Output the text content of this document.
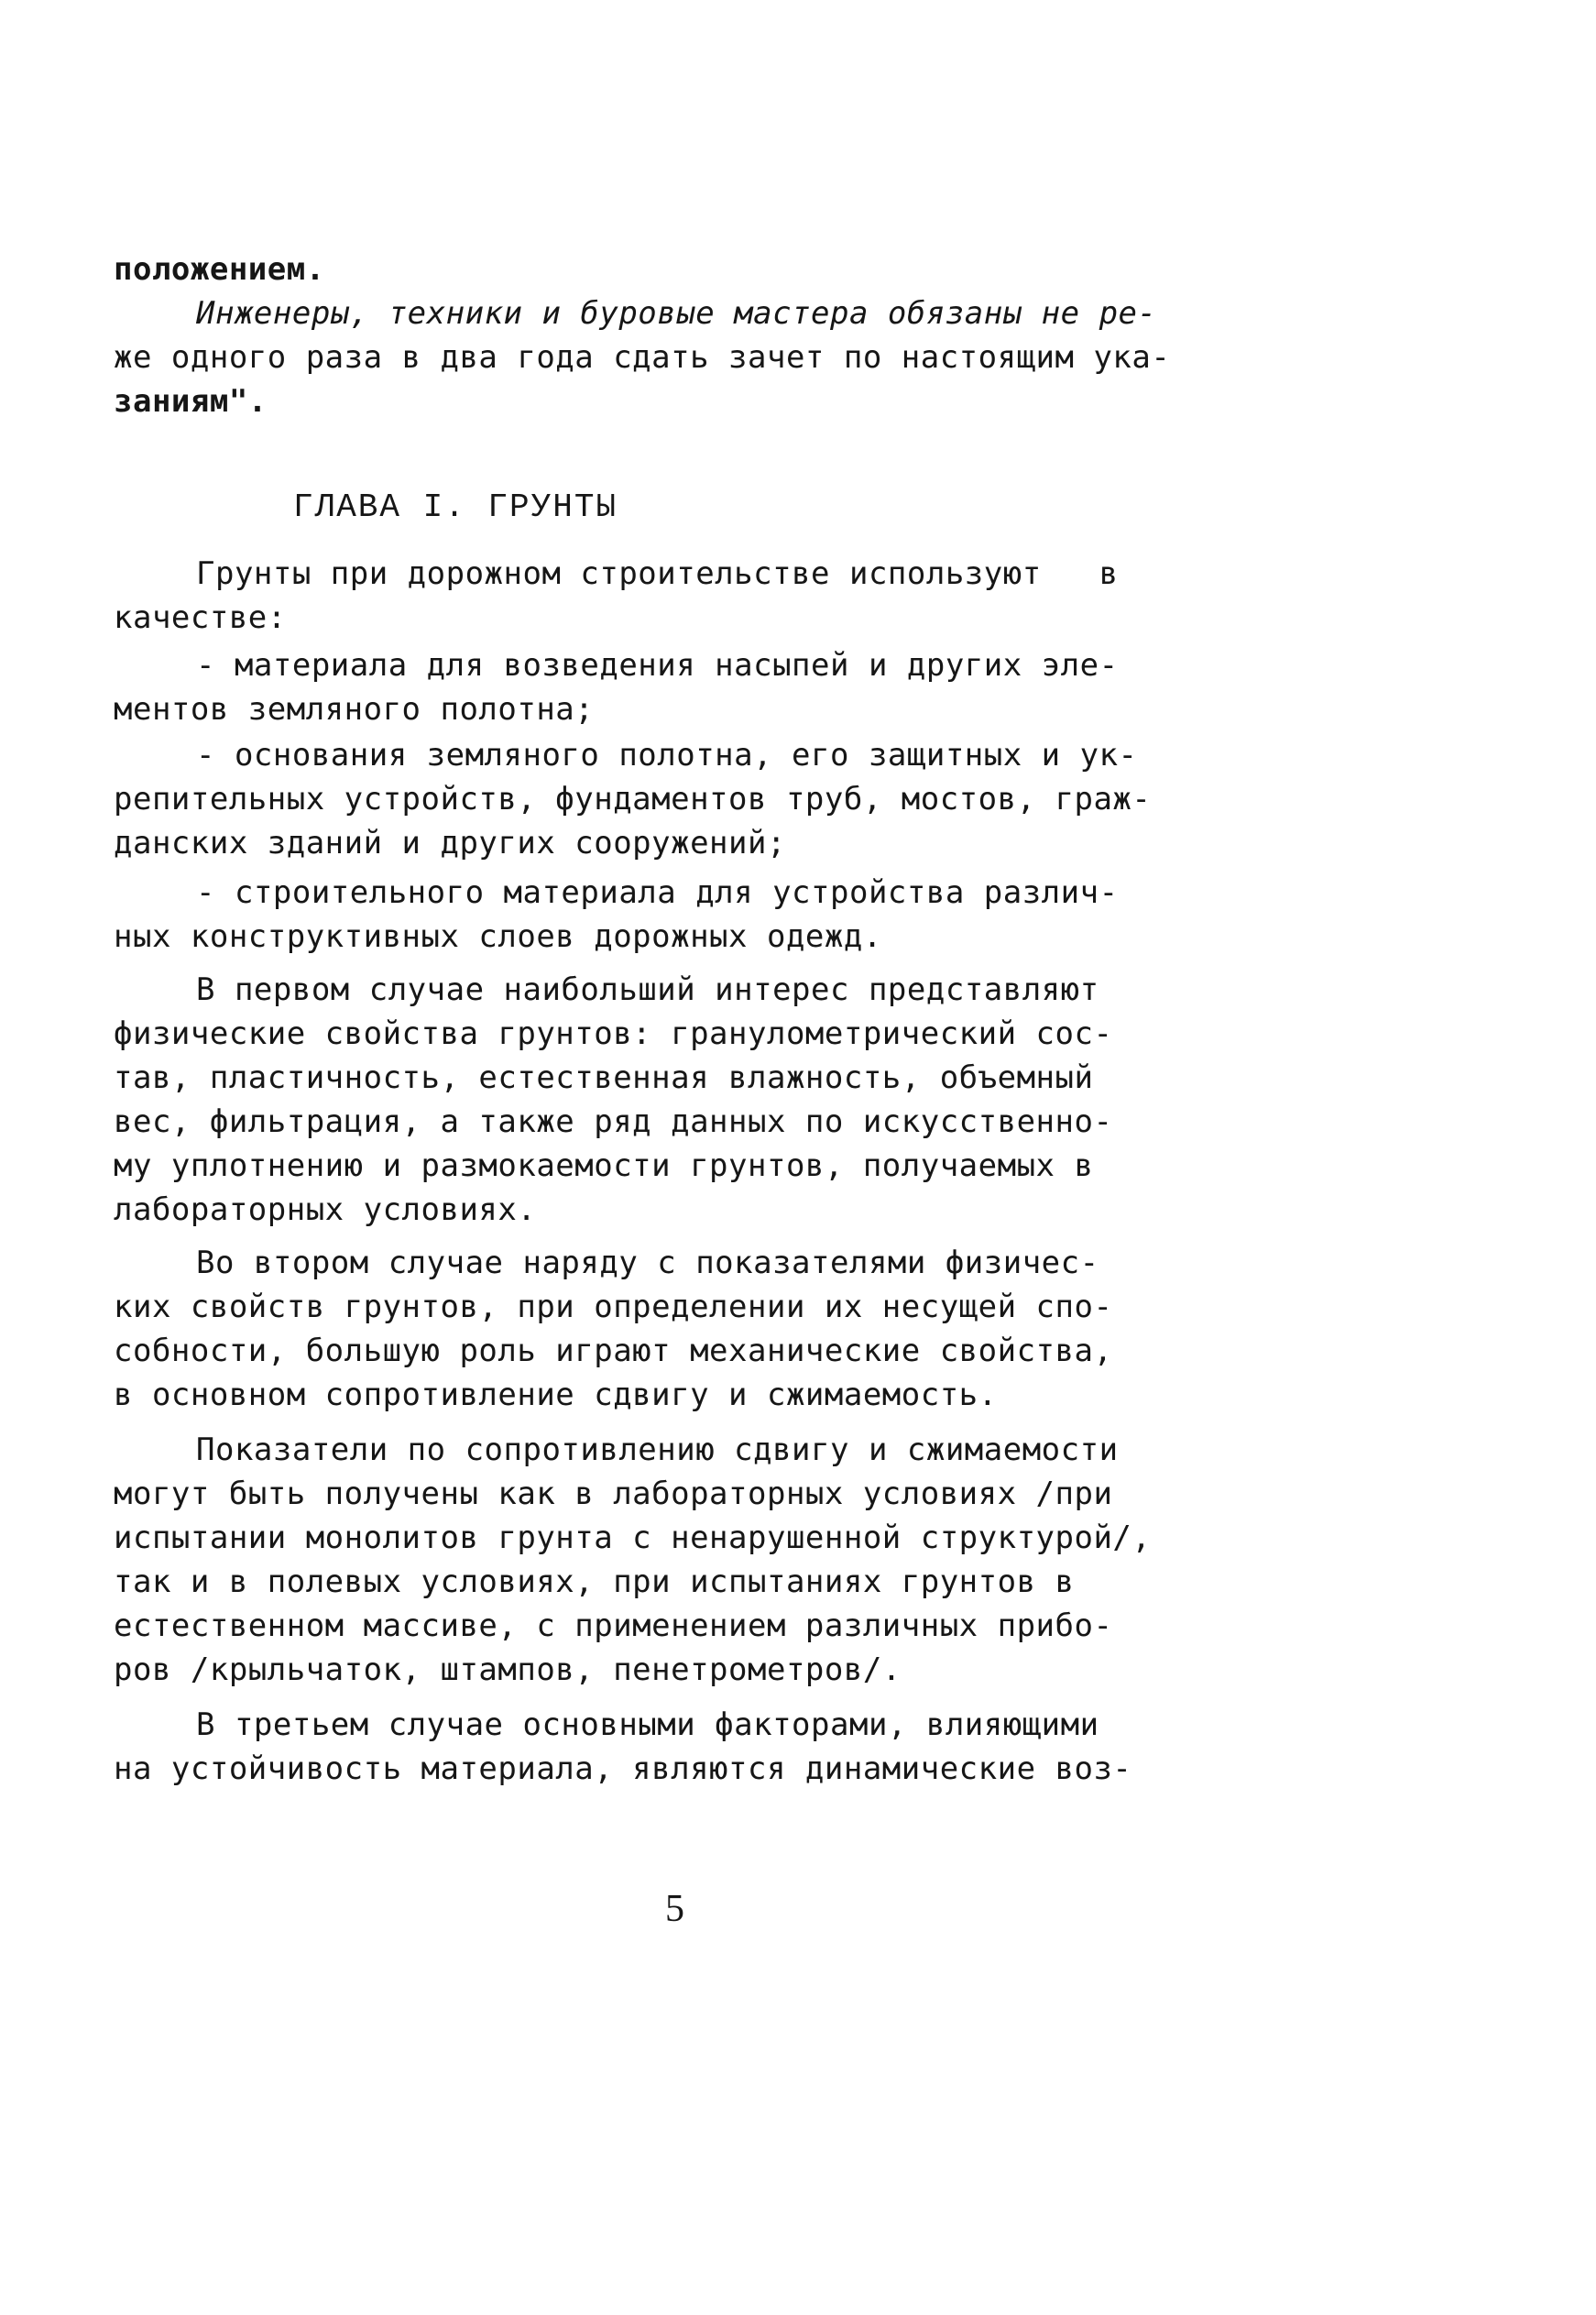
положением.
Инженеры, техники и буровые мастера обязаны не ре-
же одного раза в два года сдать зачет по настоящим ука-
заниям".
ГЛАВА I. ГРУНТЫ
Грунты при дорожном строительстве используют   в
качестве:
- материала для возведения насыпей и других эле-
ментов земляного полотна;
- основания земляного полотна, его защитных и ук-
репительных устройств, фундаментов труб, мостов, граж-
данских зданий и других сооружений;
- строительного материала для устройства различ-
ных конструктивных слоев дорожных одежд.
В первом случае наибольший интерес представляют
физические свойства грунтов: гранулометрический сос-
тав, пластичность, естественная влажность, объемный
вес, фильтрация, а также ряд данных по искусственно-
му уплотнению и размокаемости грунтов, получаемых в
лабораторных условиях.
Во втором случае наряду с показателями физичес-
ких свойств грунтов, при определении их несущей спо-
собности, большую роль играют механические свойства,
в основном сопротивление сдвигу и сжимаемость.
Показатели по сопротивлению сдвигу и сжимаемости
могут быть получены как в лабораторных условиях /при
испытании монолитов грунта с ненарушенной структурой/,
так и в полевых условиях, при испытаниях грунтов в
естественном массиве, с применением различных прибо-
ров /крыльчаток, штампов, пенетрометров/.
В третьем случае основными факторами, влияющими
на устойчивость материала, являются динамические воз-
5
